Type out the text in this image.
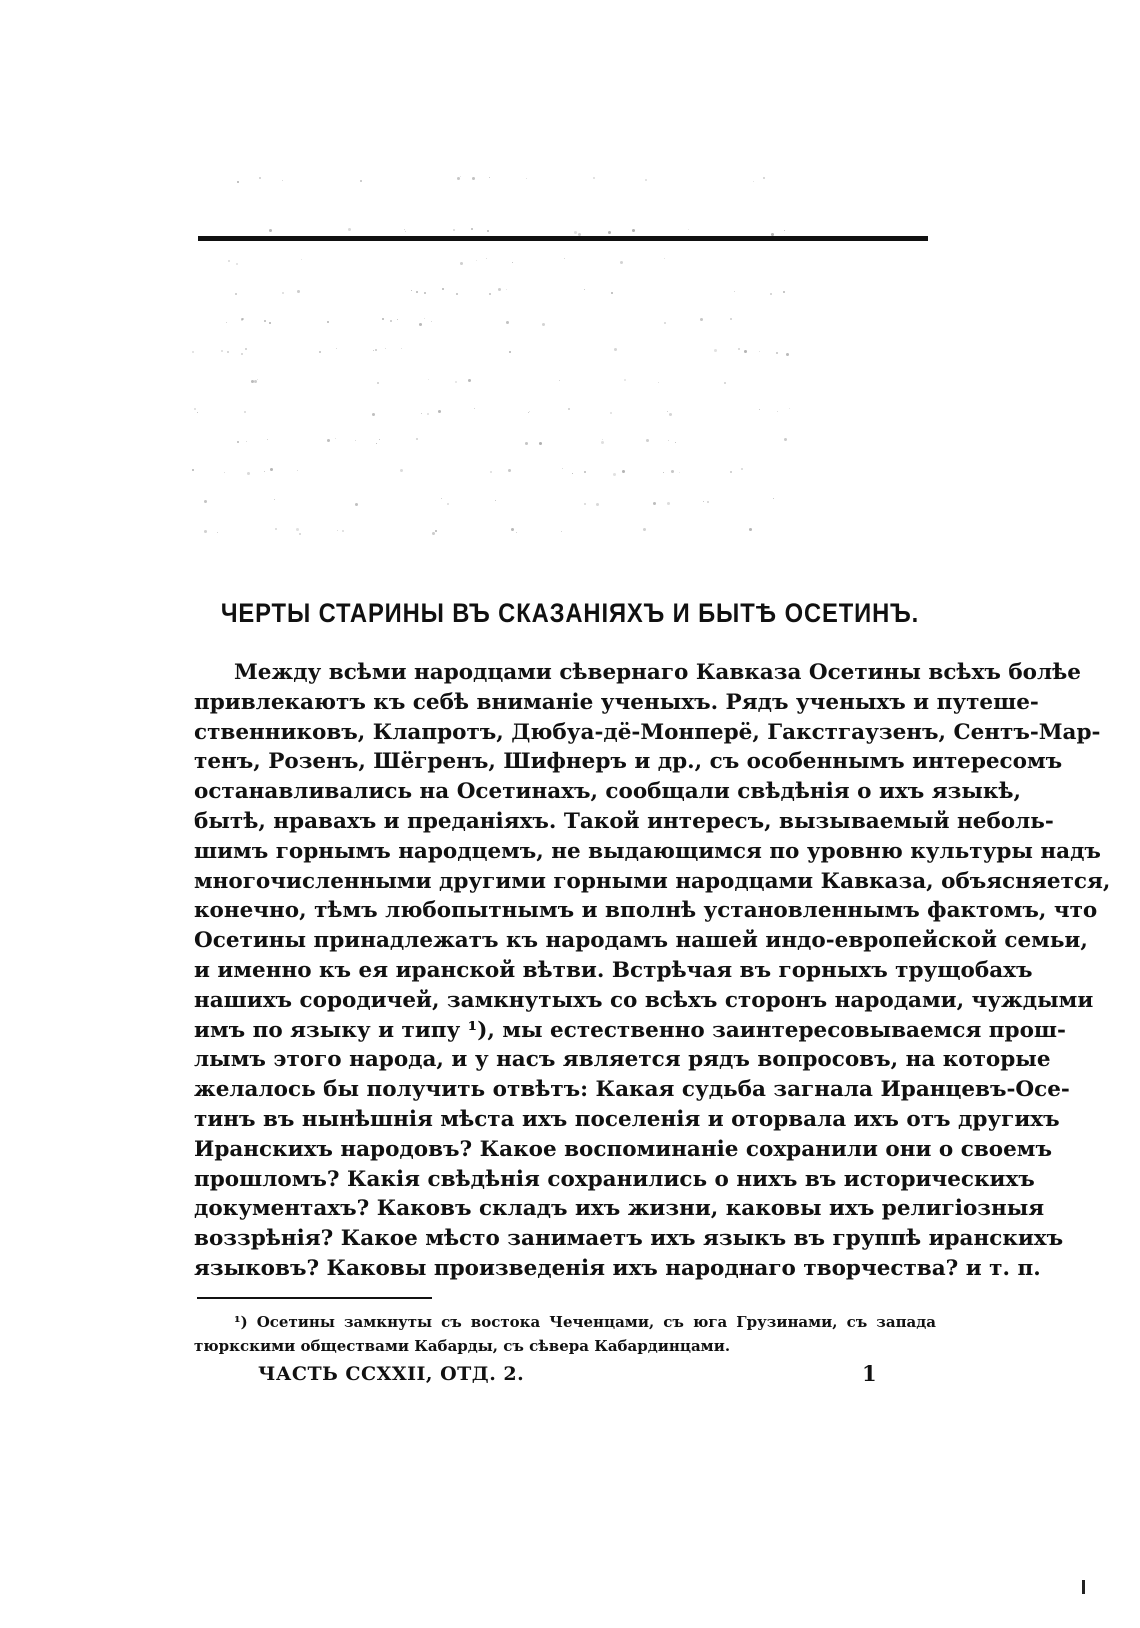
ЧЕРТЫ СТАРИНЫ ВЪ СКАЗАНІЯХЪ И БЫТѢ ОСЕТИНЪ.
Между всѣми народцами сѣвернаго Кавказа Осетины всѣхъ болѣе
привлекаютъ къ себѣ вниманіе ученыхъ. Рядъ ученыхъ и путеше-
ственниковъ, Клапротъ, Дюбуа-дё-Монперё, Гакстгаузенъ, Сентъ-Мар-
тенъ, Розенъ, Шёгренъ, Шифнеръ и др., съ особеннымъ интересомъ
останавливались на Осетинахъ, сообщали свѣдѣнія о ихъ языкѣ,
бытѣ, нравахъ и преданіяхъ. Такой интересъ, вызываемый неболь-
шимъ горнымъ народцемъ, не выдающимся по уровню культуры надъ
многочисленными другими горными народцами Кавказа, объясняется,
конечно, тѣмъ любопытнымъ и вполнѣ установленнымъ фактомъ, что
Осетины принадлежатъ къ народамъ нашей индо-европейской семьи,
и именно къ ея иранской вѣтви. Встрѣчая въ горныхъ трущобахъ
нашихъ сородичей, замкнутыхъ со всѣхъ сторонъ народами, чуждыми
имъ по языку и типу ¹), мы естественно заинтересовываемся прош-
лымъ этого народа, и у насъ является рядъ вопросовъ, на которые
желалось бы получить отвѣтъ: Какая судьба загнала Иранцевъ-Осе-
тинъ въ нынѣшнія мѣста ихъ поселенія и оторвала ихъ отъ другихъ
Иранскихъ народовъ? Какое воспоминаніе сохранили они о своемъ
прошломъ? Какія свѣдѣнія сохранились о нихъ въ историческихъ
документахъ? Каковъ складъ ихъ жизни, каковы ихъ религіозныя
воззрѣнія? Какое мѣсто занимаетъ ихъ языкъ въ группѣ иранскихъ
языковъ? Каковы произведенія ихъ народнаго творчества? и т. п.
¹) Осетины замкнуты съ востока Чеченцами, съ юга Грузинами, съ запада
тюркскими обществами Кабарды, съ сѣвера Кабардинцами.
ЧАСТЬ CCXXII, ОТД. 2.	1
